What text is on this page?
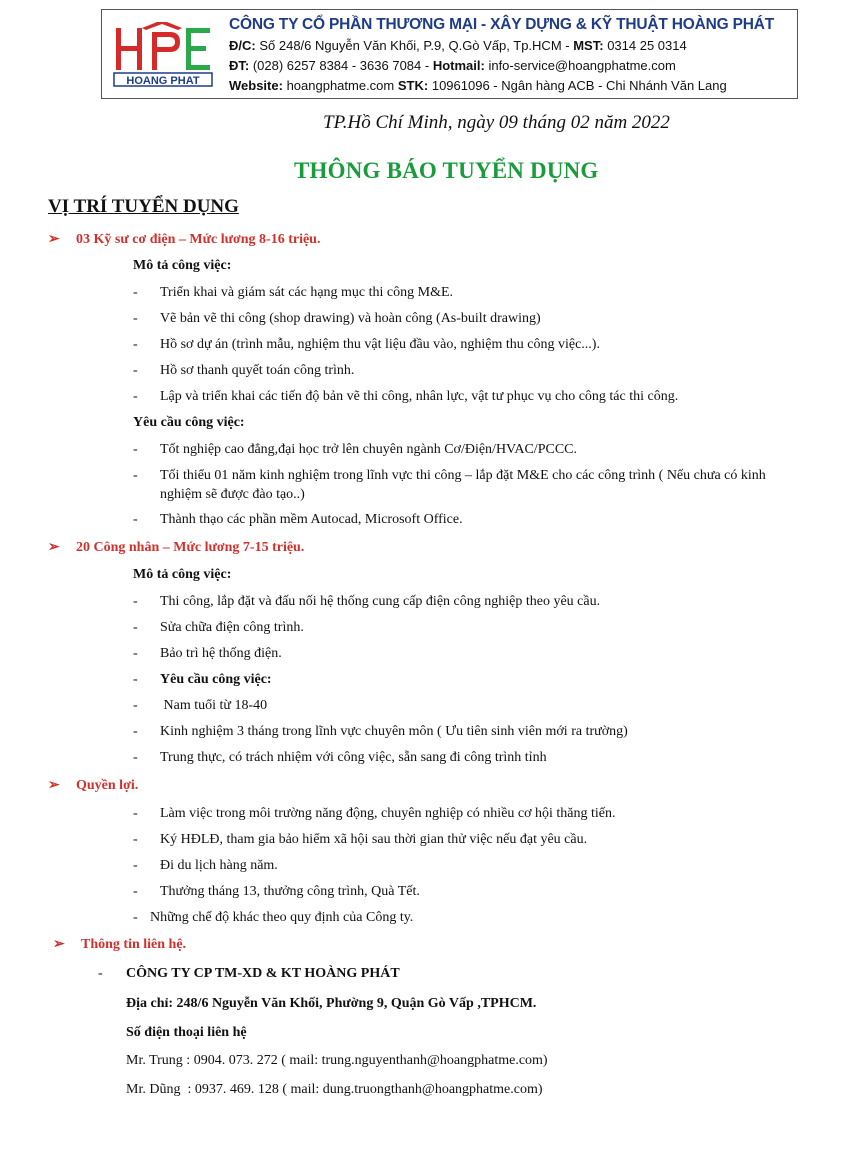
HOANG PHAT
CÔNG TY CỔ PHẦN THƯƠNG MẠI - XÂY DỰNG & KỸ THUẬT HOÀNG PHÁT
Đ/C: Số 248/6 Nguyễn Văn Khối, P.9, Q.Gò Vấp, Tp.HCM - MST: 0314 25 0314
ĐT: (028) 6257 8384 - 3636 7084 - Hotmail: info-service@hoangphatme.com
Website: hoangphatme.com STK: 10961096 - Ngân hàng ACB - Chi Nhánh Văn Lang
TP.Hồ Chí Minh, ngày 09 tháng 02 năm 2022
THÔNG BÁO TUYỂN DỤNG
VỊ TRÍ TUYỂN DỤNG
➢ 03 Kỹ sư cơ điện – Mức lương 8-16 triệu.
Mô tả công việc:
- Triển khai và giám sát các hạng mục thi công M&E.
- Vẽ bản vẽ thi công (shop drawing) và hoàn công (As-built drawing)
- Hồ sơ dự án (trình mẫu, nghiệm thu vật liệu đầu vào, nghiệm thu công việc...).
- Hồ sơ thanh quyết toán công trình.
- Lập và triển khai các tiến độ bản vẽ thi công, nhân lực, vật tư phục vụ cho công tác thi công.
Yêu cầu công việc:
- Tốt nghiệp cao đẳng,đại học trở lên chuyên ngành Cơ/Điện/HVAC/PCCC.
- Tối thiểu 01 năm kinh nghiệm trong lĩnh vực thi công – lắp đặt M&E cho các công trình ( Nếu chưa có kinh
nghiệm sẽ được đào tạo..)
- Thành thạo các phần mềm Autocad, Microsoft Office.
➢ 20 Công nhân – Mức lương 7-15 triệu.
Mô tả công việc:
- Thi công, lắp đặt và đấu nối hệ thống cung cấp điện công nghiệp theo yêu cầu.
- Sửa chữa điện công trình.
- Bảo trì hệ thống điện.
- Yêu cầu công việc:
- Nam tuổi từ 18-40
- Kinh nghiệm 3 tháng trong lĩnh vực chuyên môn ( Ưu tiên sinh viên mới ra trường)
- Trung thực, có trách nhiệm với công việc, sẵn sang đi công trình tỉnh
➢ Quyền lợi.
- Làm việc trong môi trường năng động, chuyên nghiệp có nhiều cơ hội thăng tiến.
- Ký HĐLĐ, tham gia bảo hiểm xã hội sau thời gian thử việc nếu đạt yêu cầu.
- Đi du lịch hàng năm.
- Thưởng tháng 13, thưởng công trình, Quà Tết.
- Những chế độ khác theo quy định của Công ty.
➢ Thông tin liên hệ.
- CÔNG TY CP TM-XD & KT HOÀNG PHÁT
Địa chỉ: 248/6 Nguyễn Văn Khối, Phường 9, Quận Gò Vấp ,TPHCM.
Số điện thoại liên hệ
Mr. Trung : 0904. 073. 272 ( mail: trung.nguyenthanh@hoangphatme.com)
Mr. Dũng  : 0937. 469. 128 ( mail: dung.truongthanh@hoangphatme.com)
